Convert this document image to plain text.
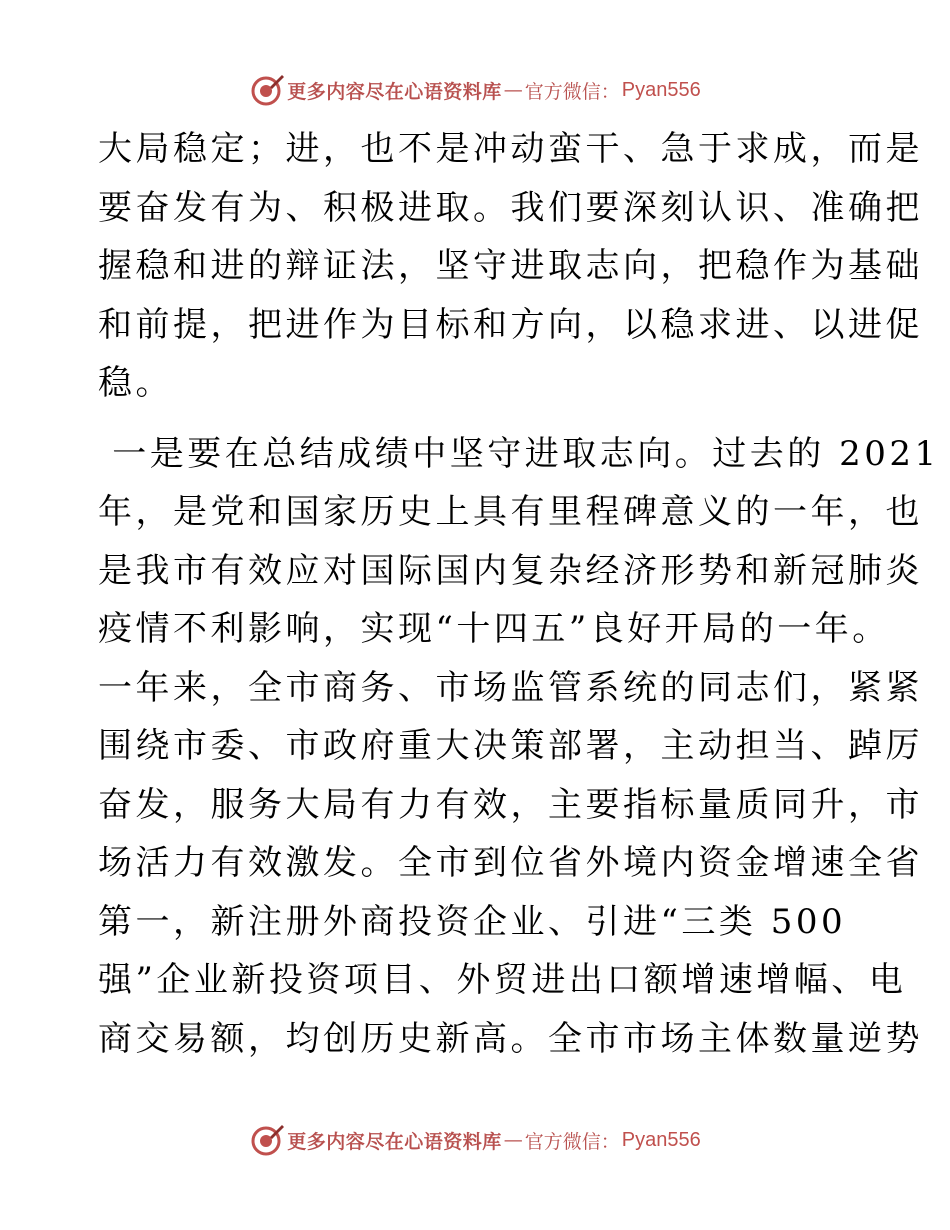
更多内容尽在心语资料库 — 官方微信： Pyan556
大局稳定；进，也不是冲动蛮干、急于求成，而是
要奋发有为、积极进取。我们要深刻认识、准确把
握稳和进的辩证法，坚守进取志向，把稳作为基础
和前提，把进作为目标和方向，以稳求进、以进促
稳。
一是要在总结成绩中坚守进取志向。过去的 2021
年，是党和国家历史上具有里程碑意义的一年，也
是我市有效应对国际国内复杂经济形势和新冠肺炎
疫情不利影响，实现“十四五”良好开局的一年。
一年来，全市商务、市场监管系统的同志们，紧紧
围绕市委、市政府重大决策部署，主动担当、踔厉
奋发，服务大局有力有效，主要指标量质同升，市
场活力有效激发。全市到位省外境内资金增速全省
第一，新注册外商投资企业、引进“三类 500
强”企业新投资项目、外贸进出口额增速增幅、电
商交易额，均创历史新高。全市市场主体数量逆势
更多内容尽在心语资料库 — 官方微信： Pyan556
